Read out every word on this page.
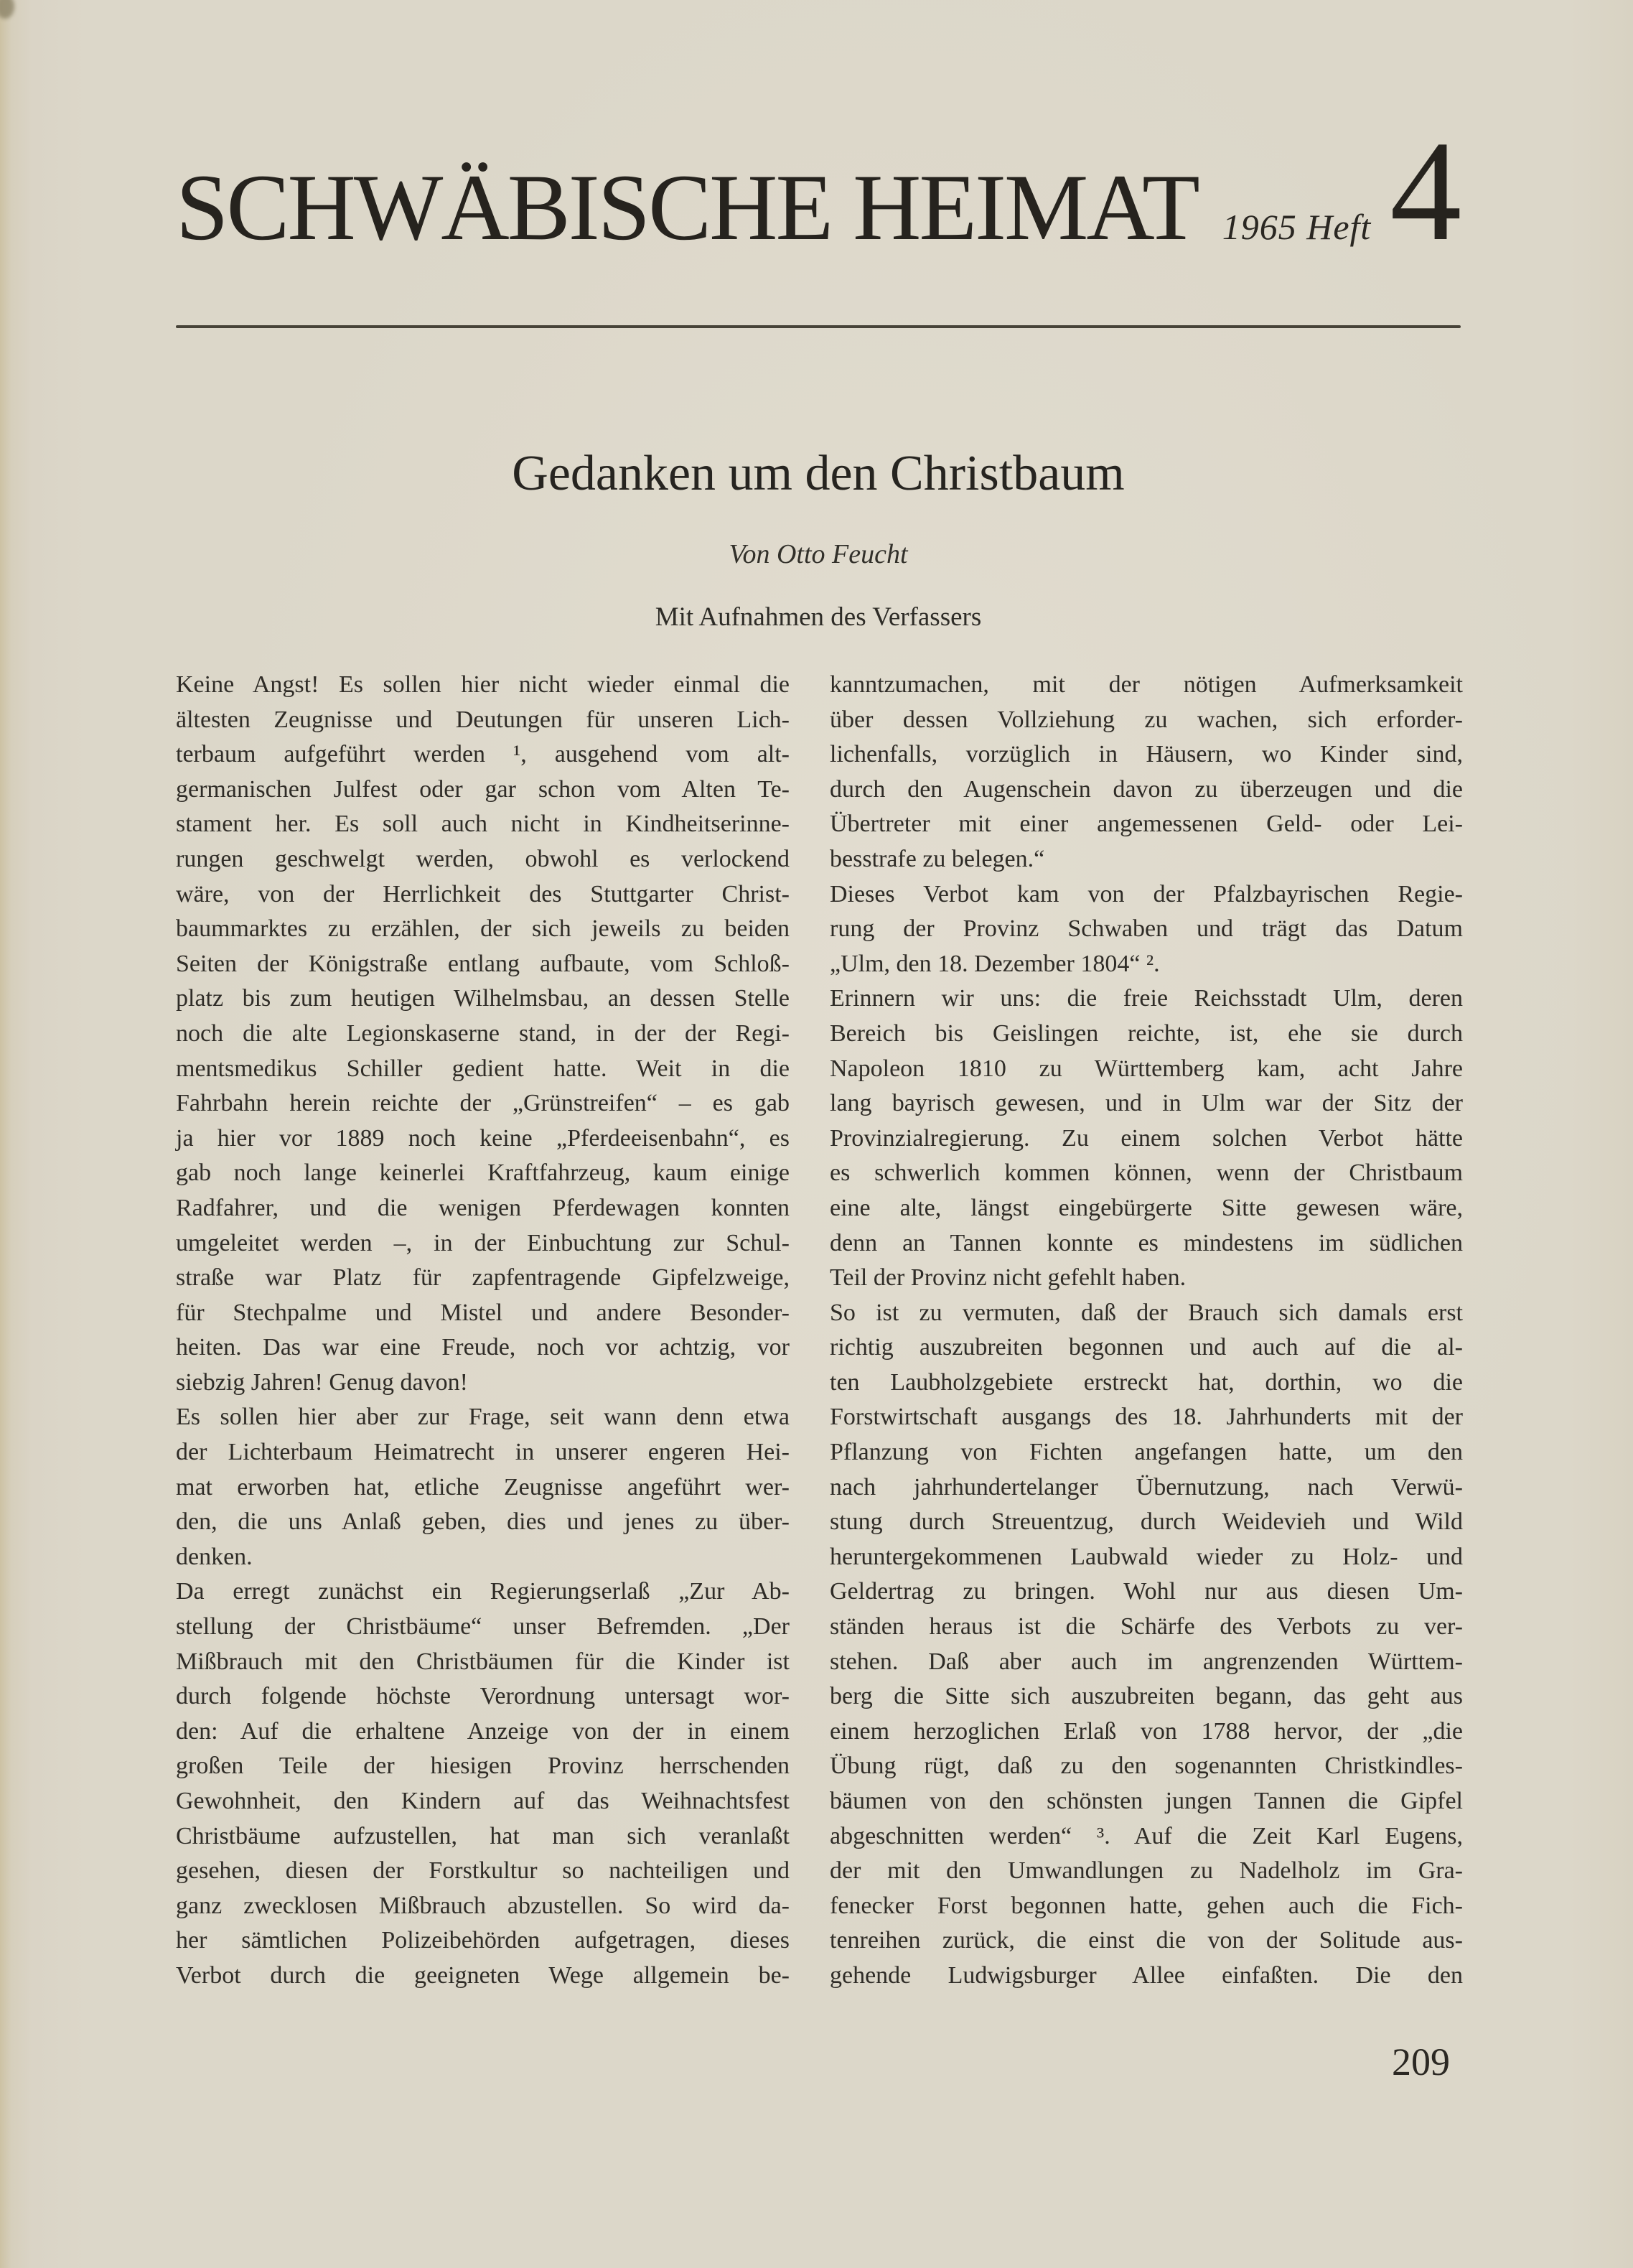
SCHWÄBISCHE HEIMAT 1965 Heft 4
Gedanken um den Christbaum
Von Otto Feucht
Mit Aufnahmen des Verfassers
Keine Angst! Es sollen hier nicht wieder einmal die
ältesten Zeugnisse und Deutungen für unseren Lich-
terbaum aufgeführt werden ¹, ausgehend vom alt-
germanischen Julfest oder gar schon vom Alten Te-
stament her. Es soll auch nicht in Kindheitserinne-
rungen geschwelgt werden, obwohl es verlockend
wäre, von der Herrlichkeit des Stuttgarter Christ-
baummarktes zu erzählen, der sich jeweils zu beiden
Seiten der Königstraße entlang aufbaute, vom Schloß-
platz bis zum heutigen Wilhelmsbau, an dessen Stelle
noch die alte Legionskaserne stand, in der der Regi-
mentsmedikus Schiller gedient hatte. Weit in die
Fahrbahn herein reichte der „Grünstreifen“ – es gab
ja hier vor 1889 noch keine „Pferdeeisenbahn“, es
gab noch lange keinerlei Kraftfahrzeug, kaum einige
Radfahrer, und die wenigen Pferdewagen konnten
umgeleitet werden –, in der Einbuchtung zur Schul-
straße war Platz für zapfentragende Gipfelzweige,
für Stechpalme und Mistel und andere Besonder-
heiten. Das war eine Freude, noch vor achtzig, vor
siebzig Jahren! Genug davon!
Es sollen hier aber zur Frage, seit wann denn etwa
der Lichterbaum Heimatrecht in unserer engeren Hei-
mat erworben hat, etliche Zeugnisse angeführt wer-
den, die uns Anlaß geben, dies und jenes zu über-
denken.
Da erregt zunächst ein Regierungserlaß „Zur Ab-
stellung der Christbäume“ unser Befremden. „Der
Mißbrauch mit den Christbäumen für die Kinder ist
durch folgende höchste Verordnung untersagt wor-
den: Auf die erhaltene Anzeige von der in einem
großen Teile der hiesigen Provinz herrschenden
Gewohnheit, den Kindern auf das Weihnachtsfest
Christbäume aufzustellen, hat man sich veranlaßt
gesehen, diesen der Forstkultur so nachteiligen und
ganz zwecklosen Mißbrauch abzustellen. So wird da-
her sämtlichen Polizeibehörden aufgetragen, dieses
Verbot durch die geeigneten Wege allgemein be-
kanntzumachen, mit der nötigen Aufmerksamkeit
über dessen Vollziehung zu wachen, sich erforder-
lichenfalls, vorzüglich in Häusern, wo Kinder sind,
durch den Augenschein davon zu überzeugen und die
Übertreter mit einer angemessenen Geld- oder Lei-
besstrafe zu belegen.“
Dieses Verbot kam von der Pfalzbayrischen Regie-
rung der Provinz Schwaben und trägt das Datum
„Ulm, den 18. Dezember 1804“ ².
Erinnern wir uns: die freie Reichsstadt Ulm, deren
Bereich bis Geislingen reichte, ist, ehe sie durch
Napoleon 1810 zu Württemberg kam, acht Jahre
lang bayrisch gewesen, und in Ulm war der Sitz der
Provinzialregierung. Zu einem solchen Verbot hätte
es schwerlich kommen können, wenn der Christbaum
eine alte, längst eingebürgerte Sitte gewesen wäre,
denn an Tannen konnte es mindestens im südlichen
Teil der Provinz nicht gefehlt haben.
So ist zu vermuten, daß der Brauch sich damals erst
richtig auszubreiten begonnen und auch auf die al-
ten Laubholzgebiete erstreckt hat, dorthin, wo die
Forstwirtschaft ausgangs des 18. Jahrhunderts mit der
Pflanzung von Fichten angefangen hatte, um den
nach jahrhundertelanger Übernutzung, nach Verwü-
stung durch Streuentzug, durch Weidevieh und Wild
heruntergekommenen Laubwald wieder zu Holz- und
Geldertrag zu bringen. Wohl nur aus diesen Um-
ständen heraus ist die Schärfe des Verbots zu ver-
stehen. Daß aber auch im angrenzenden Württem-
berg die Sitte sich auszubreiten begann, das geht aus
einem herzoglichen Erlaß von 1788 hervor, der „die
Übung rügt, daß zu den sogenannten Christkindles-
bäumen von den schönsten jungen Tannen die Gipfel
abgeschnitten werden“ ³. Auf die Zeit Karl Eugens,
der mit den Umwandlungen zu Nadelholz im Gra-
fenecker Forst begonnen hatte, gehen auch die Fich-
tenreihen zurück, die einst die von der Solitude aus-
gehende Ludwigsburger Allee einfaßten. Die den
209
